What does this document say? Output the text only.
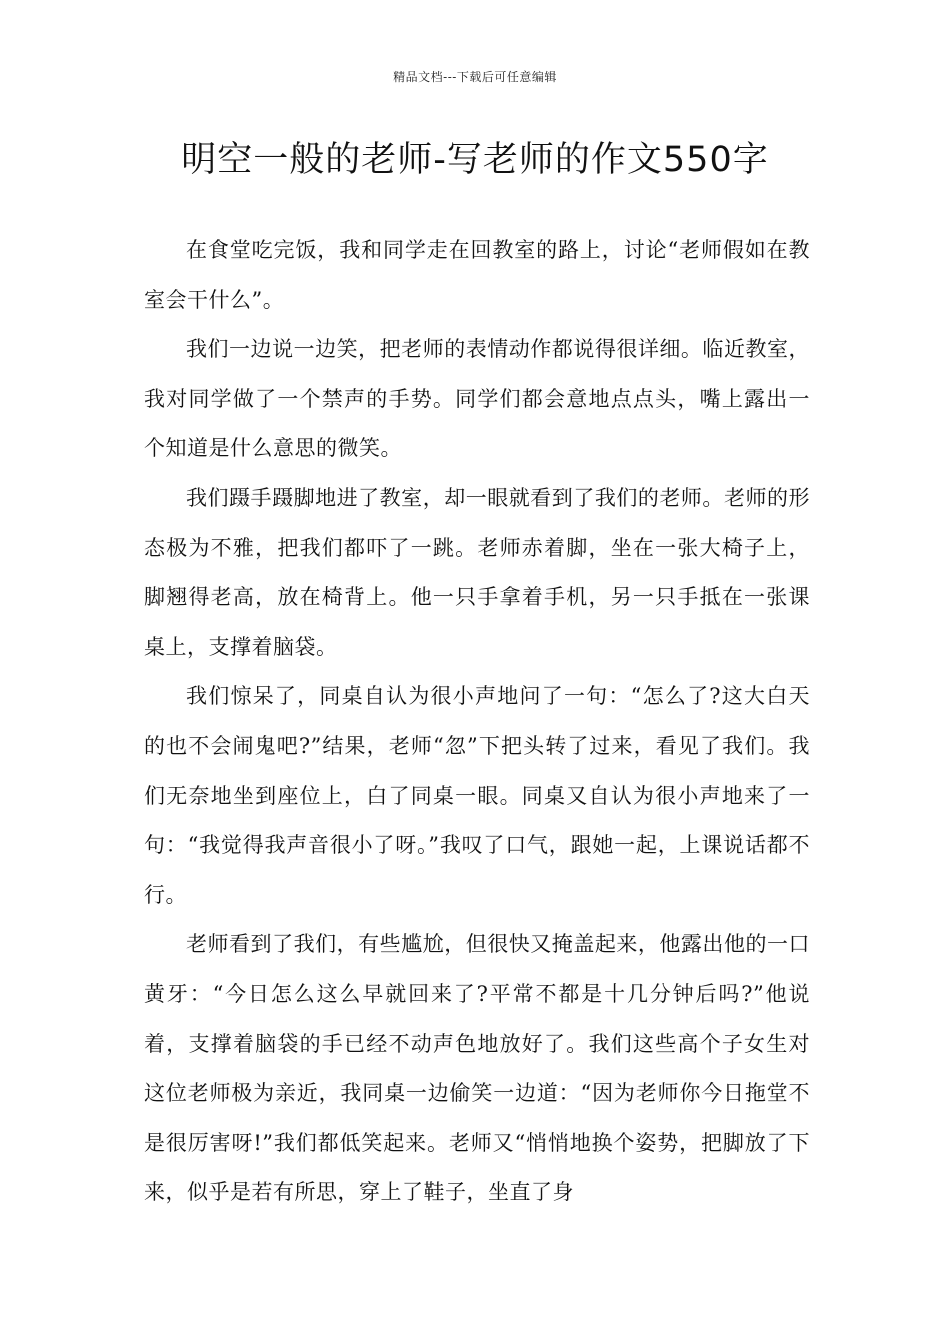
精品文档---下载后可任意编辑
明空一般的老师-写老师的作文550字

在食堂吃完饭，我和同学走在回教室的路上，讨论“老师假如在教室会干什么”。

我们一边说一边笑，把老师的表情动作都说得很详细。临近教室，我对同学做了一个禁声的手势。同学们都会意地点点头，嘴上露出一个知道是什么意思的微笑。

我们蹑手蹑脚地进了教室，却一眼就看到了我们的老师。老师的形态极为不雅，把我们都吓了一跳。老师赤着脚，坐在一张大椅子上，脚翘得老高，放在椅背上。他一只手拿着手机，另一只手抵在一张课桌上，支撑着脑袋。

我们惊呆了，同桌自认为很小声地问了一句：“怎么了?这大白天的也不会闹鬼吧?”结果，老师“忽”下把头转了过来，看见了我们。我们无奈地坐到座位上，白了同桌一眼。同桌又自认为很小声地来了一句：“我觉得我声音很小了呀。”我叹了口气，跟她一起，上课说话都不行。

老师看到了我们，有些尴尬，但很快又掩盖起来，他露出他的一口黄牙：“今日怎么这么早就回来了?平常不都是十几分钟后吗?”他说着，支撑着脑袋的手已经不动声色地放好了。我们这些高个子女生对这位老师极为亲近，我同桌一边偷笑一边道：“因为老师你今日拖堂不是很厉害呀!”我们都低笑起来。老师又“悄悄地换个姿势，把脚放了下来，似乎是若有所思，穿上了鞋子，坐直了身
